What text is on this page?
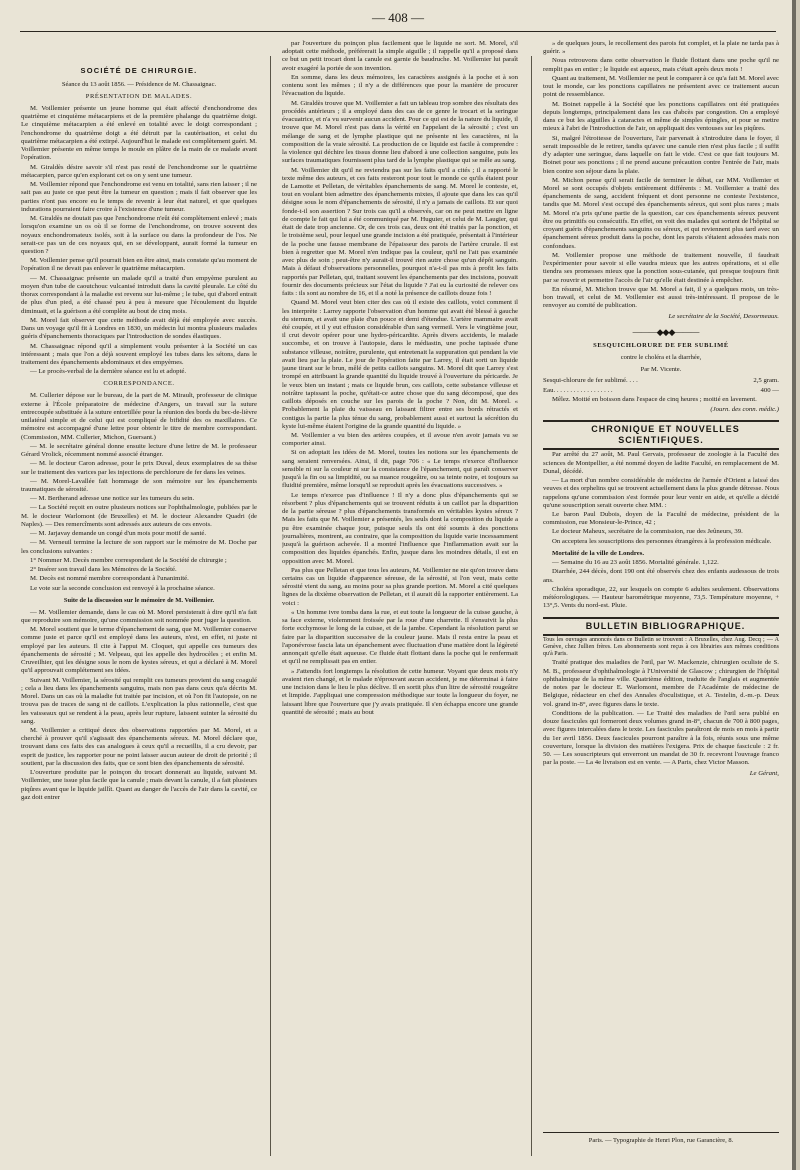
— 408 —

SOCIÉTÉ DE CHIRURGIE.

Séance du 13 août 1856. — Présidence de M. Chassaignac.

PRÉSENTATION DE MALADES.

M. Voillemier présente un jeune homme qui était affecté d'enchondrome des quatrième et cinquième métacarpiens et de la première phalange du quatrième doigt. Le cinquième métacarpien a été enlevé en totalité avec le doigt correspondant ; l'enchondrome du quatrième doigt a été détruit par la cautérisation, et celui du quatrième métacarpien a été extirpé. Aujourd'hui le malade est complètement guéri. M. Voillemier présente en même temps le moule en plâtre de la main de ce malade avant l'opération.

M. Giraldès désire savoir s'il n'est pas resté de l'enchondrome sur le quatrième métacarpien, parce qu'en explorant cet os on y sent une tumeur.

M. Voillemier répond que l'enchondrome est venu en totalité, sans rien laisser ; il ne sait pas au juste ce que peut être la tumeur en question ; mais il fait observer que les parties n'ont pas encore eu le temps de revenir à leur état naturel, et que quelques indurations pourraient faire croire à l'existence d'une tumeur.

M. Giraldès ne doutait pas que l'enchondrome n'eût été complètement enlevé ; mais lorsqu'on examine un os où il se forme de l'enchondrome, on trouve souvent des noyaux enchondromateux isolés, soit à la surface ou dans la profondeur de l'os. Ne serait-ce pas un de ces noyaux qui, en se développant, aurait formé la tumeur en question ?

M. Voillemier pense qu'il pourrait bien en être ainsi, mais constate qu'au moment de l'opération il ne devait pas enlever le quatrième métacarpien.

— M. Chassaignac présente un malade qu'il a traité d'un empyème purulent au moyen d'un tube de caoutchouc vulcanisé introduit dans la cavité pleurale. Le côté du thorax correspondant à la maladie est revenu sur lui-même ; le tube, qui d'abord entrait de plus d'un pied, a été chassé peu à peu à mesure que l'écoulement du liquide diminuait, et la guérison a été complète au bout de cinq mois.

M. Morel fait observer que cette méthode avait déjà été employée avec succès. Dans un voyage qu'il fit à Londres en 1830, un médecin lui montra plusieurs malades guéris d'épanchements thoraciques par l'introduction de sondes élastiques.

M. Chassaignac répond qu'il a simplement voulu présenter à la Société un cas intéressant ; mais que l'on a déjà souvent employé les tubes dans les sétons, dans le traitement des épanchements abdominaux et des empyèmes.

— Le procès-verbal de la dernière séance est lu et adopté.

CORRESPONDANCE.

M. Cullerier dépose sur le bureau, de la part de M. Mirault, professeur de clinique externe à l'École préparatoire de médecine d'Angers, un travail sur la suture entrecoupée substituée à la suture entortillée pour la réunion des bords du bec-de-lièvre unilatéral simple et de celui qui est compliqué de bifidité des os maxillaires. Ce mémoire est accompagné d'une lettre pour obtenir le titre de membre correspondant. (Commission, MM. Cullerier, Michon, Guersant.)

— M. le secrétaire général donne ensuite lecture d'une lettre de M. le professeur Gérard Vrolick, récemment nommé associé étranger.

— M. le docteur Caron adresse, pour le prix Duval, deux exemplaires de sa thèse sur le traitement des varices par les injections de perchlorure de fer dans les veines.

— M. Morel-Lavallée fait hommage de son mémoire sur les épanchements traumatiques de sérosité.

— M. Bertherand adresse une notice sur les tumeurs du sein.

— La Société reçoit en outre plusieurs notices sur l'ophthalmologie, publiées par le M. le docteur Warlomont (de Bruxelles) et M. le docteur Alexandre Quadri (de Naples). — Des remercîments sont adressés aux auteurs de ces envois.

— M. Jarjavay demande un congé d'un mois pour motif de santé.

— M. Verneuil termine la lecture de son rapport sur le mémoire de M. Doche par les conclusions suivantes :

1° Nommer M. Decès membre correspondant de la Société de chirurgie ;

2° Insérer son travail dans les Mémoires de la Société.

M. Decès est nommé membre correspondant à l'unanimité.

Le vote sur la seconde conclusion est renvoyé à la prochaine séance.

Suite de la discussion sur le mémoire de M. Voillemier.

— M. Voillemier demande, dans le cas où M. Morel persisterait à dire qu'il n'a fait que reproduire son mémoire, qu'une commission soit nommée pour juger la question.

M. Morel soutient que le terme d'épanchement de sang, que M. Voillemier conserve comme juste et parce qu'il est employé dans les auteurs, n'est, en effet, ni juste ni employé par les auteurs. Il cite à l'appui M. Cloquet, qui appelle ces tumeurs des épanchements de sérosité ; M. Velpeau, qui les appelle des hydrocèles ; et enfin M. Cruveilhier, qui les désigne sous le nom de kystes séreux, et qui a déclaré à M. Morel qu'il approuvait complétement ses idées.

Suivant M. Voillemier, la sérosité qui remplit ces tumeurs provient du sang coagulé ; cela a lieu dans les épanchements sanguins, mais non pas dans ceux qu'a décrits M. Morel. Dans un cas où la maladie fut traitée par incision, et où l'on fit l'autopsie, on ne trouva pas de traces de sang ni de caillots. L'explication la plus rationnelle, c'est que les vaisseaux qui se rendent à la peau, après leur rupture, laissent suinter la sérosité du sang.

M. Voillemier a critiqué deux des observations rapportées par M. Morel, et a cherché à prouver qu'il s'agissait des épanchements séreux. M. Morel déclare que, trouvant dans ces faits des cas analogues à ceux qu'il a recueillis, il a cru devoir, par esprit de justice, les rapporter pour ne point laisser aucun auteur de droit de priorité ; il soutient, par la discussion des faits, que ce sont bien des épanchements de sérosité.

L'ouverture produite par le poinçon du trocart donnerait au liquide, suivant M. Voillemier, une issue plus facile que la canule ; mais devant la canule, il a fait plusieurs piqûres avant que le liquide jaillît. Quant au danger de l'accès de l'air dans la cavité, ce gaz doit entrer

par l'ouverture du poinçon plus facilement que le liquide ne sort. M. Morel, s'il adoptait cette méthode, préférerait la simple aiguille ; il rappelle qu'il a proposé dans ce but un petit trocart dont la canule est garnie de baudruche. M. Voillemier lui paraît avoir exagéré la portée de son invention.

En somme, dans les deux mémoires, les caractères assignés à la poche et à son contenu sont les mêmes ; il n'y a de différences que pour la manière de procurer l'évacuation du liquide.

M. Giraldès trouve que M. Voillemier a fait un tableau trop sombre des résultats des procédés antérieurs ; il a employé dans des cas de ce genre le trocart et la seringue évacuatrice, et n'a vu survenir aucun accident. Pour ce qui est de la nature du liquide, il trouve que M. Morel n'est pas dans la vérité en l'appelant de la sérosité ; c'est un mélange de sang et de lymphe plastique qui ne présente ni les caractères, ni la composition de la vraie sérosité. La production de ce liquide est facile à comprendre : la violence qui déchire les tissus donne lieu d'abord à une collection sanguine, puis les surfaces traumatiques fournissent plus tard de la lymphe plastique qui se mêle au sang.

M. Voillemier dit qu'il ne reviendra pas sur les faits qu'il a cités ; il a rapporté le texte même des auteurs, et ces faits resteront pour tout le monde ce qu'ils étaient pour de Lamotte et Pelletan, de véritables épanchements de sang. M. Morel le conteste, et, tout en voulant bien admettre des épanchements mixtes, il ajoute que dans les cas qu'il désigne sous le nom d'épanchements de sérosité, il n'y a jamais de caillots. Et sur quoi fonde-t-il son assertion ? Sur trois cas qu'il a observés, car on ne peut mettre en ligne de compte le fait qui lui a été communiqué par M. Huguier, et celui de M. Laugier, qui était de date trop ancienne. Or, de ces trois cas, deux ont été traités par la ponction, et le troisième seul, pour lequel une grande incision a été pratiquée, présentait à l'intérieur de la poche une fausse membrane de l'épaisseur des parois de l'artère crurale. Il est bien à regretter que M. Morel n'en indique pas la couleur, qu'il ne l'ait pas examinée avec plus de soin ; peut-être n'y aurait-il trouvé rien autre chose qu'un dépôt sanguin. Mais à défaut d'observations personnelles, pourquoi n'a-t-il pas mis à profit les faits rapportés par Pelletan, qui, traitant souvent les épanchements par des incisions, pouvait fournir des documents précieux sur l'état du liquide ? J'ai eu la curiosité de relever ces faits : ils sont au nombre de 16, et il a noté la présence de caillots douze fois !

Quand M. Morel veut bien citer des cas où il existe des caillots, voici comment il les interprète : Larrey rapporte l'observation d'un homme qui avait été blessé à gauche du sternum, et avait une plaie d'un pouce et demi d'étendue. L'artère mammaire avait été coupée, et il y eut effusion considérable d'un sang vermeil. Vers le vingtième jour, il crut devoir opérer pour une hydro-péricardite. Après divers accidents, le malade succombe, et on trouve à l'autopsie, dans le médiastin, une poche tapissée d'une substance villeuse, noirâtre, purulente, qui entretenait la suppuration qui pendant la vie avait lieu par la plaie. Le jour de l'opération faite par Larrey, il était sorti un liquide jaune tirant sur le brun, mêlé de petits caillots sanguins. M. Morel dit que Larrey s'est trompé en attribuant la grande quantité du liquide trouvé à l'ouverture du péricarde. Je le veux bien un instant ; mais ce liquide brun, ces caillots, cette substance villeuse et noirâtre tapissant la poche, qu'était-ce autre chose que du sang décomposé, que des caillots déposés en couche sur les parois de la poche ? Non, dit M. Morel. « Probablement la plaie du vaisseau en laissant filtrer entre ses bords rétractés et contigus la partie la plus ténue du sang, probablement aussi et surtout la sécrétion du kyste lui-même étaient l'origine de la grande quantité du liquide. »

M. Voillemier a vu bien des artères coupées, et il avoue n'en avoir jamais vu se comporter ainsi.

Si on adoptait les idées de M. Morel, toutes les notions sur les épanchements de sang seraient renversées. Ainsi, il dit, page 706 : « Le temps n'exerce d'influence sensible ni sur la couleur ni sur la consistance de l'épanchement, qui paraît conserver jusqu'à la fin ou sa limpidité, ou sa nuance rougeâtre, ou sa teinte noire, et toujours sa fluidité première, même lorsqu'il se reproduit après les évacuations successives. »

Le temps n'exerce pas d'influence ! Il n'y a donc plus d'épanchements qui se résorbent ? plus d'épanchements qui se trouvent réduits à un caillot par la disparition de la partie séreuse ? plus d'épanchements transformés en véritables kystes séreux ? Mais les faits que M. Voillemier a présentés, les seuls dont la composition du liquide a pu être examinée chaque jour, puisque seuls ils ont été soumis à des ponctions journalières, montrent, au contraire, que la composition du liquide varie incessamment jusqu'à la guérison achevée. Il a montré l'influence que l'inflammation avait sur la composition des liquides épanchés. Enfin, jusque dans les moindres détails, il est en opposition avec M. Morel.

Pas plus que Pelletan et que tous les auteurs, M. Voillemier ne nie qu'on trouve dans certains cas un liquide d'apparence séreuse, de la sérosité, si l'on veut, mais cette sérosité vient du sang, au moins pour sa plus grande portion. M. Morel a cité quelques lignes de la dixième observation de Pelletan, et il aurait dû la rapporter entièrement. La voici :

« Un homme ivre tomba dans la rue, et eut toute la longueur de la cuisse gauche, à sa face externe, violemment froissée par la roue d'une charrette. Il s'ensuivit la plus forte ecchymose le long de la cuisse, et de la jambe. Cependant la résolution parut se faire par la disparition successive de la couleur jaune. Mais il resta entre la peau et l'aponévrose fascia lata un épanchement avec fluctuation d'une matière dont la légèreté annonçait qu'elle était aqueuse. Ce fluide était flottant dans la poche qui le renfermait et qu'il ne remplissait pas en entier.

» J'attendis fort longtemps la résolution de cette humeur. Voyant que deux mois n'y avaient rien changé, et le malade n'éprouvant aucun accident, je me déterminai à faire une incision dans le lieu le plus déclive. Il en sortit plus d'un litre de sérosité rougeâtre et limpide. J'appliquai une compression méthodique sur toute la longueur du foyer, ne laissant libre que l'ouverture que j'y avais pratiquée. Il s'en échappa encore une grande quantité de sérosité ; mais au bout

» de quelques jours, le recollement des parois fut complet, et la plaie ne tarda pas à guérir. »

Nous retrouvons dans cette observation le fluide flottant dans une poche qu'il ne remplit pas en entier ; le liquide est aqueux, mais c'était après deux mois !

Quant au traitement, M. Voillemier ne peut le comparer à ce qu'a fait M. Morel avec tout le monde, car les ponctions capillaires ne présentent avec ce traitement aucun point de ressemblance.

M. Boinet rappelle à la Société que les ponctions capillaires ont été pratiquées depuis longtemps, principalement dans les cas d'abcès par congestion. On a employé dans ce but les aiguilles à cataractes et même de simples épingles, et pour se mettre mieux à l'abri de l'introduction de l'air, on appliquait des ventouses sur les piqûres.

Si, malgré l'étroitesse de l'ouverture, l'air parvenait à s'introduire dans le foyer, il serait impossible de le retirer, tandis qu'avec une canule rien n'est plus facile ; il suffit d'y adapter une seringue, dans laquelle on fait le vide. C'est ce que fait toujours M. Boinet pour ses ponctions ; il ne prend aucune précaution contre l'entrée de l'air, mais bien contre son séjour dans la plaie.

M. Michon pense qu'il serait facile de terminer le débat, car MM. Voillemier et Morel se sont occupés d'objets entièrement différents : M. Voillemier a traité des épanchements de sang, accident fréquent et dont personne ne conteste l'existence, tandis que M. Morel s'est occupé des épanchements séreux, qui sont plus rares ; mais M. Morel n'a pris qu'une partie de la question, car ces épanchements séreux peuvent être ou primitifs ou consécutifs. En effet, on voit des malades qui sortent de l'hôpital se croyant guéris d'épanchements sanguins ou séreux, et qui reviennent plus tard avec un épanchement séreux produit dans la poche, dont les parois s'étaient adossées mais non confondues.

M. Voillemier propose une méthode de traitement nouvelle, il faudrait l'expérimenter pour savoir si elle vaudra mieux que les autres opérations, et si elle tiendra ses promesses mieux que la ponction sous-cutanée, qui presque toujours finit par se rouvrir et permettre l'accès de l'air qu'elle était destinée à empêcher.

En résumé, M. Michon trouve que M. Morel a fait, il y a quelques mois, un très-bon travail, et celui de M. Voillemier est aussi très-intéressant. Il propose de le renvoyer au comité de publication.

Le secrétaire de la Société, Desormeaux.

———◆◆◆———

SESQUICHLORURE DE FER SUBLIMÉ

contre le choléra et la diarrhée,

Par M. Vicente.

Sesqui-chlorure de fer sublimé. . . .	2,5 gram.
Eau. . . . . . . . . . . . . . . . . .	400 —

Mêlez. Moitié en boisson dans l'espace de cinq heures ; moitié en lavement.

(Journ. des conn. médic.)

CHRONIQUE ET NOUVELLES SCIENTIFIQUES.

Par arrêté du 27 août, M. Paul Gervais, professeur de zoologie à la Faculté des sciences de Montpellier, a été nommé doyen de ladite Faculté, en remplacement de M. Dunal, décédé.

— La mort d'un nombre considérable de médecins de l'armée d'Orient a laissé des veuves et des orphelins qui se trouvent actuellement dans la plus grande détresse. Nous rappelons qu'une commission s'est formée pour leur venir en aide, et qu'elle a décidé qu'une souscription serait ouverte chez MM. :

Le baron Paul Dubois, doyen de la Faculté de médecine, président de la commission, rue Monsieur-le-Prince, 42 ;

Le docteur Maheux, secrétaire de la commission, rue des Jeûneurs, 39.

On acceptera les souscriptions des personnes étrangères à la profession médicale.

Mortalité de la ville de Londres.

— Semaine du 16 au 23 août 1856. Mortalité générale. 1,122.

Diarrhée, 244 décès, dont 190 ont été observés chez des enfants audessous de trois ans.

Choléra sporadique, 22, sur lesquels on compte 6 adultes seulement. Observations météorologiques. — Hauteur barométrique moyenne, 73,5. Température moyenne, + 13°,5. Vents du nord-est. Pluie.

BULLETIN BIBLIOGRAPHIQUE.

Tous les ouvrages annoncés dans ce Bulletin se trouvent : A Bruxelles, chez Aug. Decq ; — A Genève, chez Jullien frères. Les abonnements sont reçus à ces librairies aux mêmes conditions qu'à Paris.

Traité pratique des maladies de l'œil, par W. Mackenzie, chirurgien oculiste de S. M. B., professeur d'ophthalmologie à l'Université de Glascow ; chirurgien de l'hôpital ophthalmique de la même ville. Quatrième édition, traduite de l'anglais et augmentée de notes par le docteur E. Warlomont, membre de l'Académie de médecine de Belgique, rédacteur en chef des Annales d'oculistique, et A. Testelin, d.-m.-p. Deux vol. grand in-8°, avec figures dans le texte.

Conditions de la publication. — Le Traité des maladies de l'œil sera publié en douze fascicules qui formeront deux volumes grand in-8°, chacun de 700 à 800 pages, avec figures intercalées dans le texte. Les fascicules paraîtront de mois en mois à partir du 1er avril 1856. Deux fascicules pourront paraître à la fois, réunis sous une même couverture, lorsque la division des matières l'exigera. Prix de chaque fascicule : 2 fr. 50. — Les souscripteurs qui enverront un mandat de 30 fr. recevront l'ouvrage franco par la poste. — La 4e livraison est en vente. — A Paris, chez Victor Masson.

Le Gérant,

Paris. — Typographie de Henri Plon, rue Garancière, 8.
